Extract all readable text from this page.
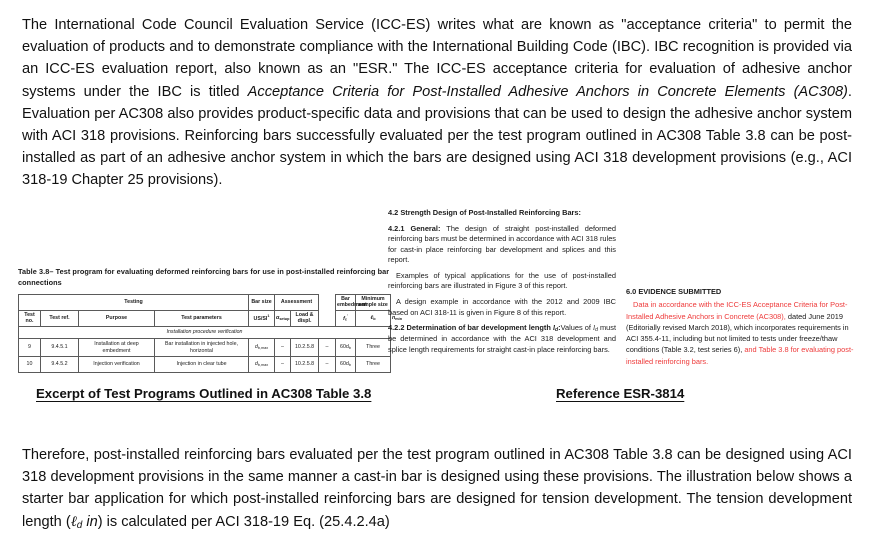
The International Code Council Evaluation Service (ICC-ES) writes what are known as "acceptance criteria" to permit the evaluation of products and to demonstrate compliance with the International Building Code (IBC). IBC recognition is provided via an ICC-ES evaluation report, also known as an "ESR." The ICC-ES acceptance criteria for evaluation of adhesive anchor systems under the IBC is titled Acceptance Criteria for Post-Installed Adhesive Anchors in Concrete Elements (AC308). Evaluation per AC308 also provides product-specific data and provisions that can be used to design the adhesive anchor system with ACI 318 provisions. Reinforcing bars successfully evaluated per the test program outlined in AC308 Table 3.8 can be post-installed as part of an adhesive anchor system in which the bars are designed using ACI 318 development provisions (e.g., ACI 318-19 Chapter 25 provisions).
Table 3.8– Test program for evaluating deformed reinforcing bars for use in post-installed reinforcing bar connections
Testing				Bar size	Assessment			Bar embedment	Minimum sample size	
Test no.	Test ref.	Purpose	Test parameters	$US/SI^1$	αsetup	Load & displ.		fc'	ℓb	nmin
Installation procedure verification										
9	9.4.5.1	Installation at deep embedment	Bar installation in injected hole, horizontal	db,max	–	10.2.5.8	–	60db	Three	
10	9.4.5.2	Injection verification	Injection in clear tube	db,max	–	10.2.5.8	–	60db	Three	

4.2 Strength Design of Post-Installed Reinforcing Bars:

4.2.1 General: The design of straight post-installed deformed reinforcing bars must be determined in accordance with ACI 318 rules for cast-in place reinforcing bar development and splices and this report.

Examples of typical applications for the use of post-installed reinforcing bars are illustrated in Figure 3 of this report.

A design example in accordance with the 2012 and 2009 IBC based on ACI 318-11 is given in Figure 8 of this report.

4.2.2 Determination of bar development length $l_d:Values$ of $l_d$ must be determined in accordance with the ACI 318 development and splice length requirements for straight cast-in place reinforcing bars.

6.0 EVIDENCE SUBMITTED
Data in accordance with the ICC-ES Acceptance Criteria for Post-Installed Adhesive Anchors in Concrete (AC308), dated June 2019 (Editorially revised March 2018), which incorporates requirements in ACI 355.4-11, including but not limited to tests under freeze/thaw conditions (Table 3.2, test series 6), and Table 3.8 for evaluating post-installed reinforcing bars.
Excerpt of Test Programs Outlined in AC308 Table 3.8	Reference ESR-3814
Therefore, post-installed reinforcing bars evaluated per the test program outlined in AC308 Table 3.8 can be designed using ACI 318 development provisions in the same manner a cast-in bar is designed using these provisions. The illustration below shows a starter bar application for which post-installed reinforcing bars are designed for tension development. The tension development length (ℓ$_d$ in) is calculated per ACI 318-19 Eq. (25.4.2.4a)
